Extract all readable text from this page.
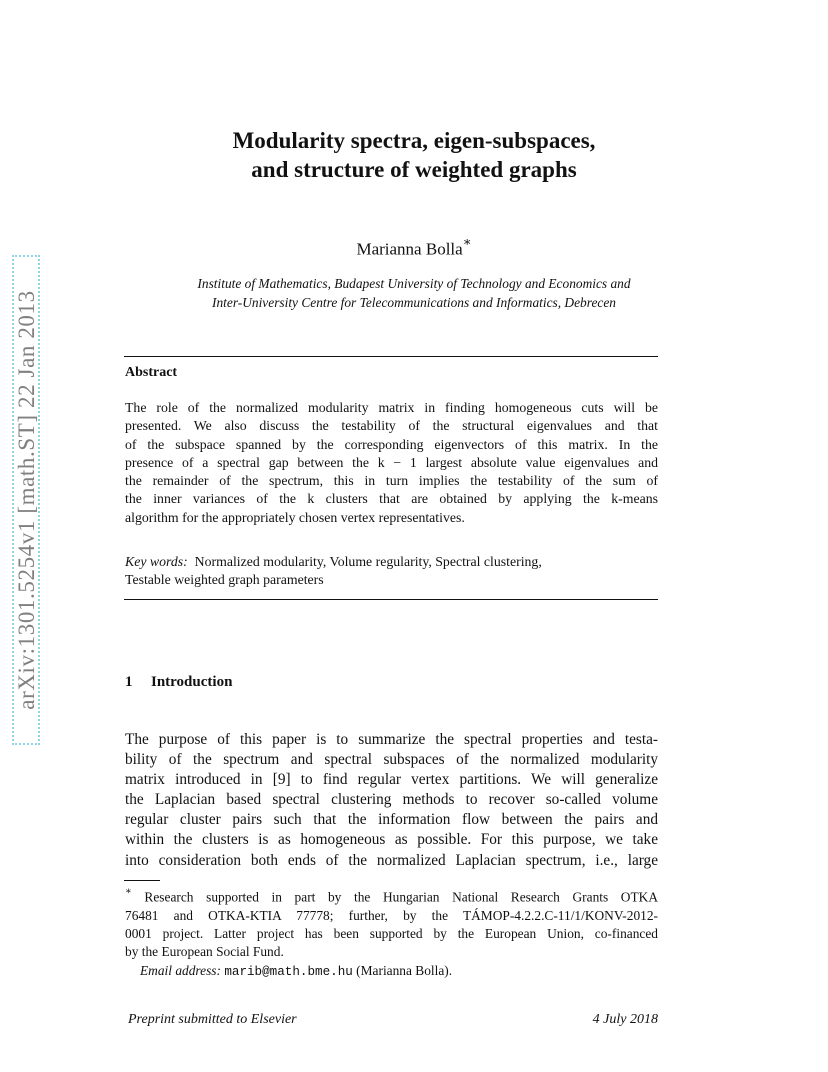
arXiv:1301.5254v1 [math.ST] 22 Jan 2013
Modularity spectra, eigen-subspaces,
and structure of weighted graphs
Marianna Bolla∗
Institute of Mathematics, Budapest University of Technology and Economics and
Inter-University Centre for Telecommunications and Informatics, Debrecen
Abstract
The role of the normalized modularity matrix in finding homogeneous cuts will be
presented. We also discuss the testability of the structural eigenvalues and that
of the subspace spanned by the corresponding eigenvectors of this matrix. In the
presence of a spectral gap between the k − 1 largest absolute value eigenvalues and
the remainder of the spectrum, this in turn implies the testability of the sum of
the inner variances of the k clusters that are obtained by applying the k-means
algorithm for the appropriately chosen vertex representatives.
Key words: Normalized modularity, Volume regularity, Spectral clustering,
Testable weighted graph parameters
1 Introduction
The purpose of this paper is to summarize the spectral properties and testa-
bility of the spectrum and spectral subspaces of the normalized modularity
matrix introduced in [9] to find regular vertex partitions. We will generalize
the Laplacian based spectral clustering methods to recover so-called volume
regular cluster pairs such that the information flow between the pairs and
within the clusters is as homogeneous as possible. For this purpose, we take
into consideration both ends of the normalized Laplacian spectrum, i.e., large
∗ Research supported in part by the Hungarian National Research Grants OTKA
76481 and OTKA-KTIA 77778; further, by the TÁMOP-4.2.2.C-11/1/KONV-2012-
0001 project. Latter project has been supported by the European Union, co-financed
by the European Social Fund.
Email address: marib@math.bme.hu (Marianna Bolla).
Preprint submitted to Elsevier	4 July 2018
